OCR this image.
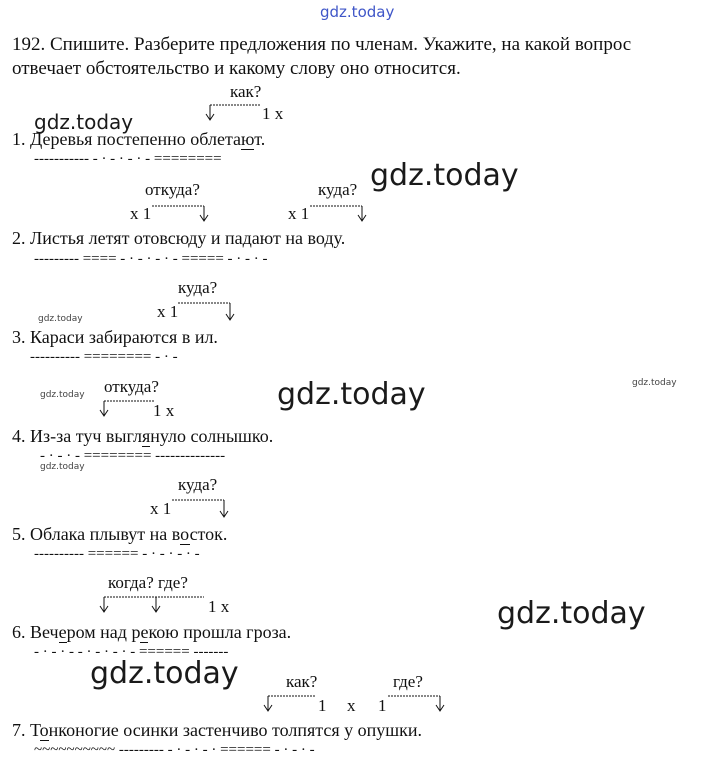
gdz.today
gdz.today
gdz.today
gdz.today
gdz.today	gdz.today	gdz.today
gdz.today
gdz.today
gdz.today
192. Спишите. Разберите предложения по членам. Укажите, на какой вопрос
отвечает обстоятельство и какому слову оно относится.
как?
1 x
1. Деревья постепенно облетают.
----------- - · - · - · - ========
откуда?	куда?
x 1	x 1
2. Листья летят отовсюду и падают на воду.
--------- ==== - · - · - · - ===== - · - · -
куда?
x 1
3. Караси забираются в ил.
---------- ======== - · -
откуда?
1 x
4. Из-за туч выглянуло солнышко.
- · - · - ======== --------------
куда?
x 1
5. Облака плывут на восток.
---------- ====== - · - · - · -
когда? где?
1 x
6. Вечером над рекою прошла гроза.
- · - · - - · - · - · - ====== -------
как?	где?
1 x 1
7. Тонконогие осинки застенчиво толпятся у опушки.
~~~~~~~~~~ --------- - · - · - · ====== - · - · -
